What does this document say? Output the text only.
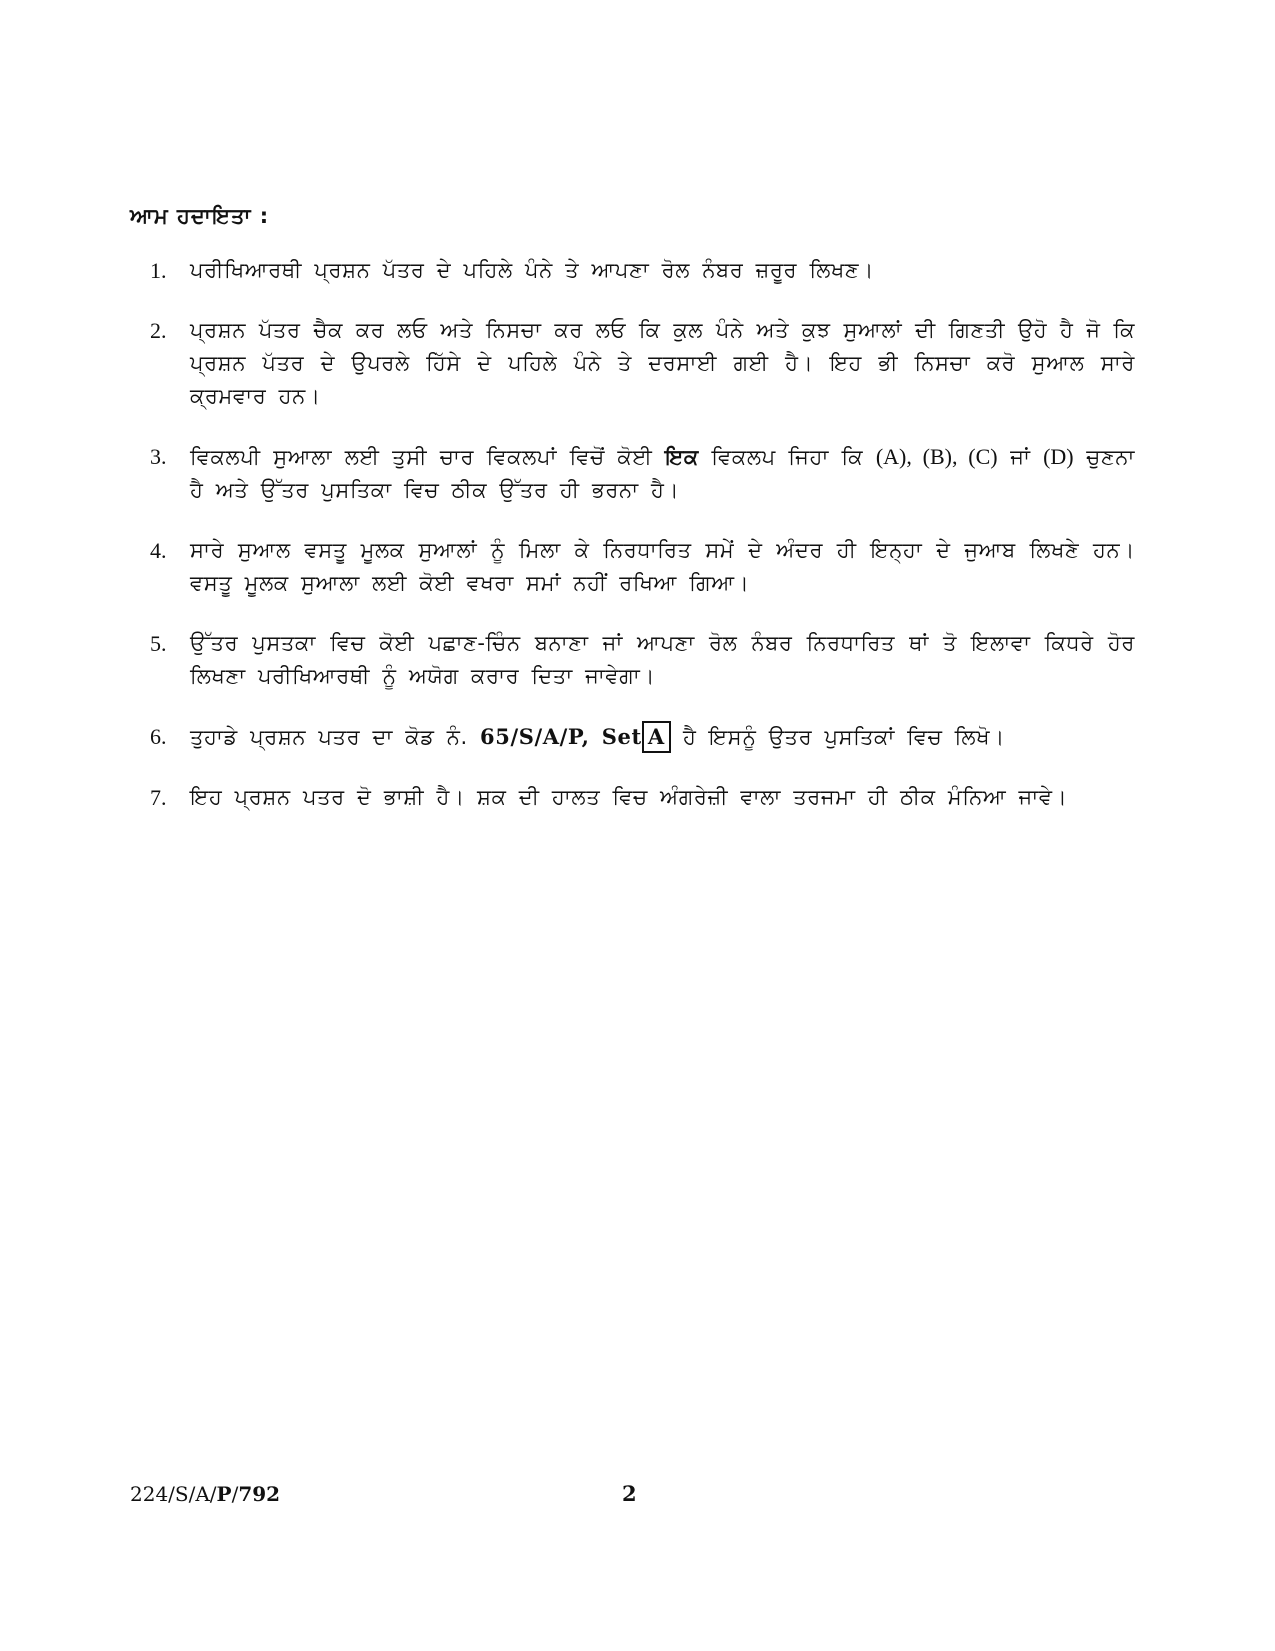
ਆਮ ਹਦਾਇਤਾ :
1.	ਪਰੀਖਿਆਰਥੀ ਪ੍ਰਸ਼ਨ ਪੱਤਰ ਦੇ ਪਹਿਲੇ ਪੰਨੇ ਤੇ ਆਪਣਾ ਰੋਲ ਨੰਬਰ ਜ਼ਰੂਰ ਲਿਖਣ।
2.	ਪ੍ਰਸ਼ਨ ਪੱਤਰ ਚੈਕ ਕਰ ਲਓ ਅਤੇ ਨਿਸਚਾ ਕਰ ਲਓ ਕਿ ਕੁਲ ਪੰਨੇ ਅਤੇ ਕੁਝ ਸੁਆਲਾਂ ਦੀ ਗਿਣਤੀ ਉਹੋ ਹੈ ਜੋ ਕਿ ਪ੍ਰਸ਼ਨ ਪੱਤਰ ਦੇ ਉਪਰਲੇ ਹਿੱਸੇ ਦੇ ਪਹਿਲੇ ਪੰਨੇ ਤੇ ਦਰਸਾਈ ਗਈ ਹੈ। ਇਹ ਭੀ ਨਿਸਚਾ ਕਰੋ ਸੁਆਲ ਸਾਰੇ ਕ੍ਰਮਵਾਰ ਹਨ।
3.	ਵਿਕਲਪੀ ਸੁਆਲਾ ਲਈ ਤੁਸੀ ਚਾਰ ਵਿਕਲਪਾਂ ਵਿਚੋਂ ਕੋਈ ਇਕ ਵਿਕਲਪ ਜਿਹਾ ਕਿ (A), (B), (C) ਜਾਂ (D) ਚੁਣਨਾ ਹੈ ਅਤੇ ਉੱਤਰ ਪੁਸਤਿਕਾ ਵਿਚ ਠੀਕ ਉੱਤਰ ਹੀ ਭਰਨਾ ਹੈ।
4.	ਸਾਰੇ ਸੁਆਲ ਵਸਤੂ ਮੂਲਕ ਸੁਆਲਾਂ ਨੂੰ ਮਿਲਾ ਕੇ ਨਿਰਧਾਰਿਤ ਸਮੇਂ ਦੇ ਅੰਦਰ ਹੀ ਇਨ੍ਹਾ ਦੇ ਜੁਆਬ ਲਿਖਣੇ ਹਨ। ਵਸਤੂ ਮੂਲਕ ਸੁਆਲਾ ਲਈ ਕੋਈ ਵਖਰਾ ਸਮਾਂ ਨਹੀਂ ਰਖਿਆ ਗਿਆ।
5.	ਉੱਤਰ ਪੁਸਤਕਾ ਵਿਚ ਕੋਈ ਪਛਾਣ-ਚਿੰਨ ਬਨਾਣਾ ਜਾਂ ਆਪਣਾ ਰੋਲ ਨੰਬਰ ਨਿਰਧਾਰਿਤ ਥਾਂ ਤੋ ਇਲਾਵਾ ਕਿਧਰੇ ਹੋਰ ਲਿਖਣਾ ਪਰੀਖਿਆਰਥੀ ਨੂੰ ਅਯੋਗ ਕਰਾਰ ਦਿਤਾ ਜਾਵੇਗਾ।
6.	ਤੁਹਾਡੇ ਪ੍ਰਸ਼ਨ ਪਤਰ ਦਾ ਕੋਡ ਨੰ. 65/S/A/P, Set A ਹੈ ਇਸਨੂੰ ਉਤਰ ਪੁਸਤਿਕਾਂ ਵਿਚ ਲਿਖੋ।
7.	ਇਹ ਪ੍ਰਸ਼ਨ ਪਤਰ ਦੋ ਭਾਸ਼ੀ ਹੈ। ਸ਼ਕ ਦੀ ਹਾਲਤ ਵਿਚ ਅੰਗਰੇਜ਼ੀ ਵਾਲਾ ਤਰਜਮਾ ਹੀ ਠੀਕ ਮੰਨਿਆ ਜਾਵੇ।
224/S/A/P/792	2
